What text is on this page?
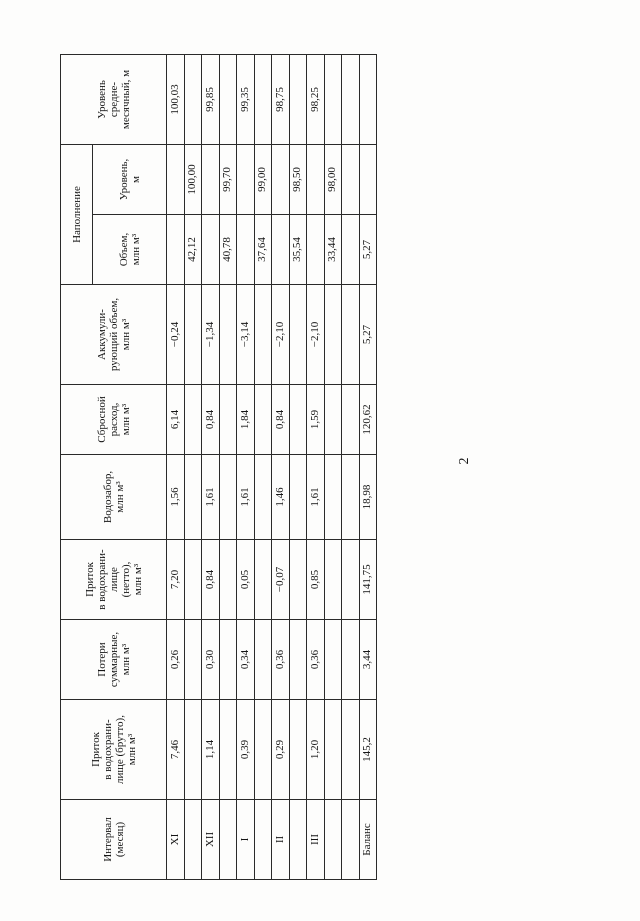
2
Интервал
(месяц)	Приток
в водохрани-
лище (брутто),
млн м³	Потери
суммарные,
млн м³	Приток
в водохрани-
лище
(нетто),
млн м³	Водозабор,
млн м³	Сбросной
расход,
млн м³	Аккумули-
рующий объем,
млн м³	Наполнение		Уровень
средне-
месячный, м
							Объем,
млн м³	Уровень,
м	
XI	7,46	0,26	7,20	1,56	6,14	−0,24			100,03
							42,12	100,00	
XII	1,14	0,30	0,84	1,61	0,84	−1,34			99,85
							40,78	99,70	
I	0,39	0,34	0,05	1,61	1,84	−3,14			99,35
							37,64	99,00	
II	0,29	0,36	−0,07	1,46	0,84	−2,10			98,75
							35,54	98,50	
III	1,20	0,36	0,85	1,61	1,59	−2,10			98,25
							33,44	98,00	

Баланс	145,2	3,44	141,75	18,98	120,62	5,27	5,27		
